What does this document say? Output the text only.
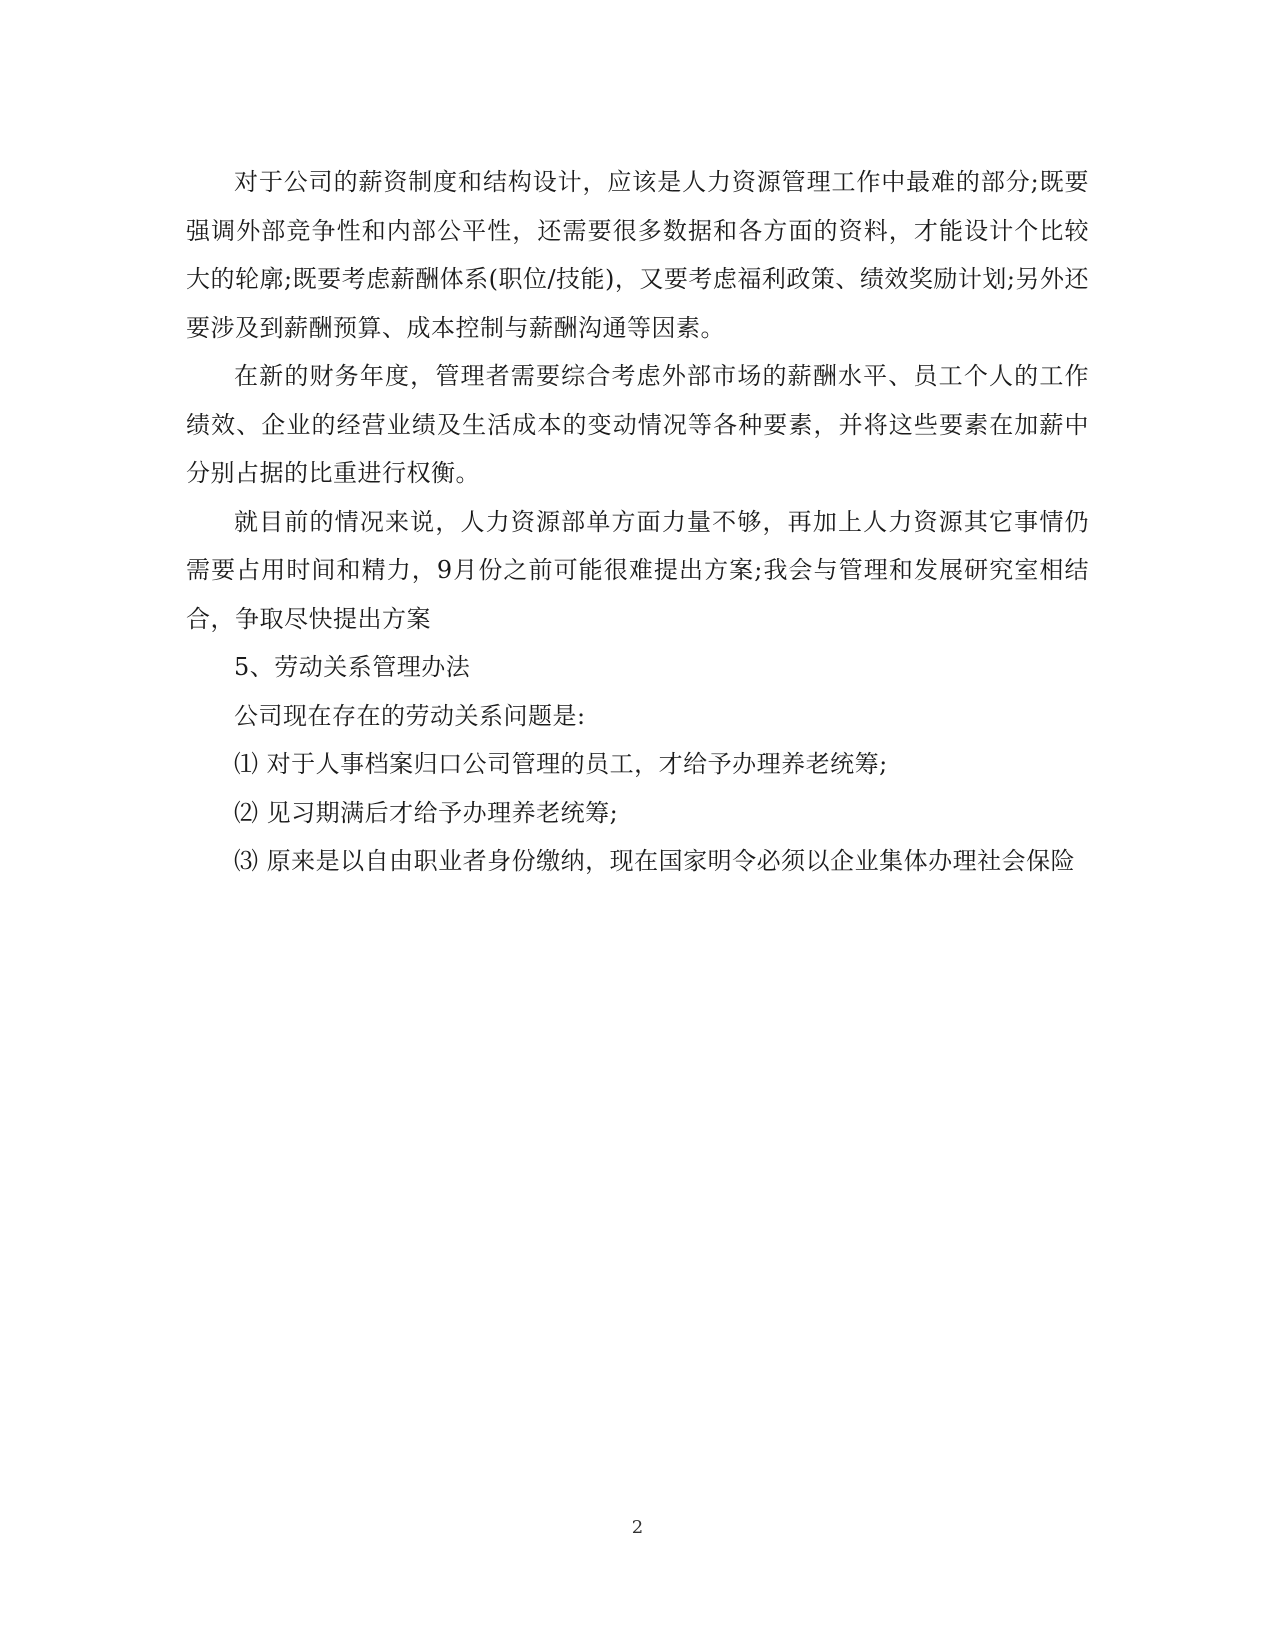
对于公司的薪资制度和结构设计，应该是人力资源管理工作中最难的部分;既要强调外部竞争性和内部公平性，还需要很多数据和各方面的资料，才能设计个比较大的轮廓;既要考虑薪酬体系(职位/技能)，又要考虑福利政策、绩效奖励计划;另外还要涉及到薪酬预算、成本控制与薪酬沟通等因素。

在新的财务年度，管理者需要综合考虑外部市场的薪酬水平、员工个人的工作绩效、企业的经营业绩及生活成本的变动情况等各种要素，并将这些要素在加薪中分别占据的比重进行权衡。

就目前的情况来说，人力资源部单方面力量不够，再加上人力资源其它事情仍需要占用时间和精力，9月份之前可能很难提出方案;我会与管理和发展研究室相结合，争取尽快提出方案

5、劳动关系管理办法

公司现在存在的劳动关系问题是:

⑴ 对于人事档案归口公司管理的员工，才给予办理养老统筹;

⑵ 见习期满后才给予办理养老统筹;

⑶ 原来是以自由职业者身份缴纳，现在国家明令必须以企业集体办理社会保险

2
